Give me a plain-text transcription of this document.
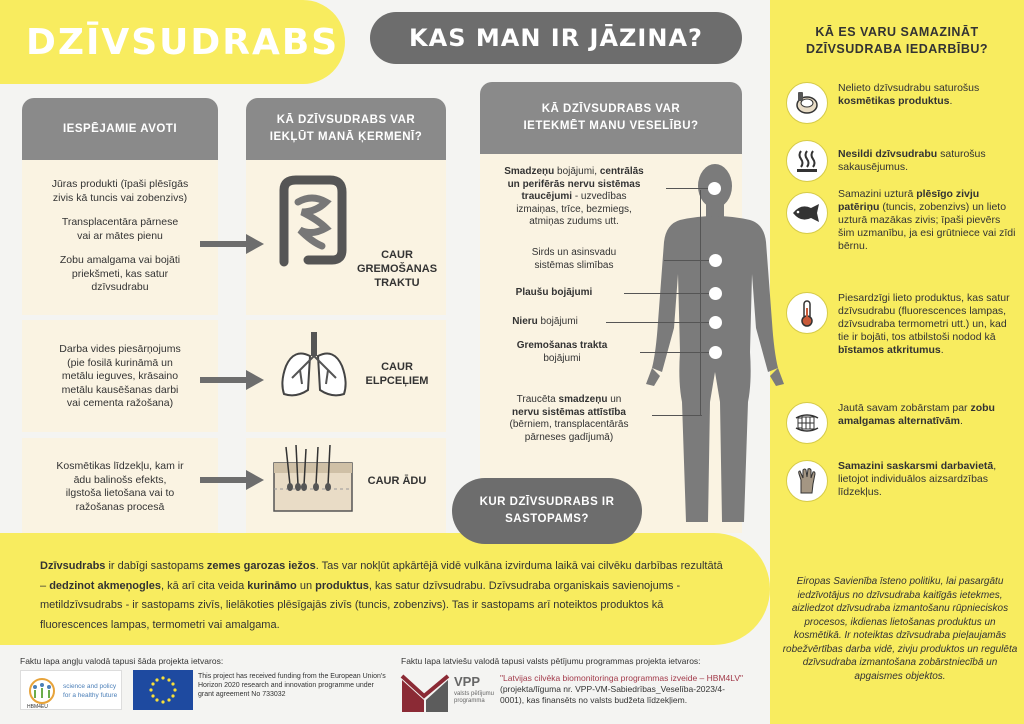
DZĪVSUDRABS	KAS MAN IR JĀZINA?	KĀ ES VARU SAMAZINĀT DZĪVSUDRABA IEDARBĪBU?
Nelieto dzīvsudrabu saturošus kosmētikas produktus.
Nesildi dzīvsudrabu saturošus sakausējumus.
Samazini uzturā plēsīgo zivju patēriņu (tuncis, zobenzivs) un lieto uzturā mazākas zivis; īpaši pievērs šim uzmanību, ja esi grūtniece vai zīdi bērnu.
Piesardzīgi lieto produktus, kas satur dzīvsudrabu (fluorescences lampas, dzīvsudraba termometri utt.) un, kad tie ir bojāti, tos atbilstoši nodod kā bīstamos atkritumus.
Jautā savam zobārstam par zobu amalgamas alternatīvām.
Samazini saskarsmi darbavietā, lietojot individuālos aizsardzības līdzekļus.
Eiropas Savienība īsteno politiku, lai pasargātu iedzīvotājus no dzīvsudraba kaitīgās ietekmes, aizliedzot dzīvsudraba izmantošanu rūpnieciskos procesos, ikdienas lietošanas produktus un kosmētikā. Ir noteiktas dzīvsudraba pieļaujamās robežvērtības darba vidē, zivju produktos un regulēta dzīvsudraba izmantošana zobārstniecībā un apgaismes objektos.
IESPĒJAMIE AVOTI
KĀ DZĪVSUDRABS VAR IEKĻŪT MANĀ ĶERMENĪ?
KĀ DZĪVSUDRABS VAR IETEKMĒT MANU VESELĪBU?
Jūras produkti (īpaši plēsīgās
zivis kā tuncis vai zobenzivs)
Transplacentāra pārnese
vai ar mātes pienu
Zobu amalgama vai bojāti
priekšmeti, kas satur
dzīvsudrabu
Darba vides piesārņojums
(pie fosilā kurināmā un
metālu ieguves, krāsaino
metālu kausēšanas darbi
vai cementa ražošana)
Kosmētikas līdzekļu, kam ir
ādu balinošs efekts,
ilgstoša lietošana vai to
ražošanas procesā
CAUR
GREMOŠANAS
TRAKTU
CAUR
ELPCEĻIEM
CAUR ĀDU
Smadzeņu bojājumi, centrālās
un perifērās nervu sistēmas
traucējumi - uzvedības
izmaiņas, trīce, bezmiegs,
atmiņas zudums utt.
Sirds un asinsvadu
sistēmas slimības
Plaušu bojājumi
Nieru bojājumi
Gremošanas trakta
bojājumi
Traucēta smadzeņu un
nervu sistēmas attīstība
(bērniem, transplacentārās
pārneses gadījumā)
KUR DZĪVSUDRABS IR SASTOPAMS?
Dzīvsudrabs ir dabīgi sastopams zemes garozas iežos. Tas var nokļūt apkārtējā vidē vulkāna izvirduma laikā vai cilvēku darbības rezultātā – dedzinot akmeņogles, kā arī cita veida kurināmo un produktus, kas satur dzīvsudrabu. Dzīvsudraba organiskais savienojums - metildzīvsudrabs - ir sastopams zivīs, lielākoties plēsīgajās zivīs (tuncis, zobenzivs). Tas ir sastopams arī noteiktos produktos kā fluorescences lampas, termometri vai amalgama.
Faktu lapa angļu valodā tapusi šāda projekta ietvaros:
HBM4EU
science and policy
for a healthy future
This project has received funding from the European Union's Horizon 2020 research and innovation programme under grant agreement No 733032
Faktu lapa latviešu valodā tapusi valsts pētījumu programmas projekta ietvaros:
VPP
valsts pētījumu
programma
"Latvijas cilvēka biomonitoringa programmas izveide – HBM4LV"
(projekta/līguma nr. VPP-VM-Sabiedrības_Veselība-2023/4-
0001), kas finansēts no valsts budžeta līdzekļiem.
